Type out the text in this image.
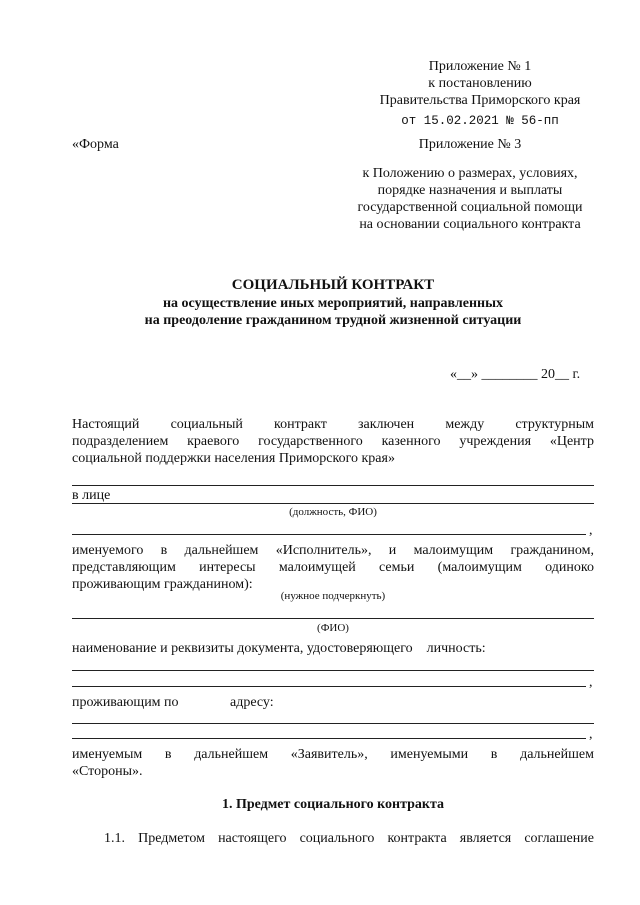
Приложение № 1
к постановлению
Правительства Приморского края
от 15.02.2021 № 56-пп
«Форма	Приложение № 3
к Положению о размерах, условиях,
порядке назначения и выплаты
государственной социальной помощи
на основании социального контракта
СОЦИАЛЬНЫЙ КОНТРАКТ
на осуществление иных мероприятий, направленных
на преодоление гражданином трудной жизненной ситуации
«__» ________ 20__ г.
Настоящий социальный контракт заключен между структурным
подразделением краевого государственного казенного учреждения «Центр
социальной поддержки населения Приморского края»
в лице
(должность, ФИО)
,
именуемого в дальнейшем «Исполнитель», и малоимущим гражданином,
представляющим интересы малоимущей семьи (малоимущим одиноко
проживающим гражданином):
(нужное подчеркнуть)
(ФИО)
наименование и реквизиты документа, удостоверяющего    личность:
,
проживающим по	адресу:
,
именуемым в дальнейшем «Заявитель», именуемыми в дальнейшем
«Стороны».
1. Предмет социального контракта
1.1. Предметом настоящего социального контракта является соглашение
